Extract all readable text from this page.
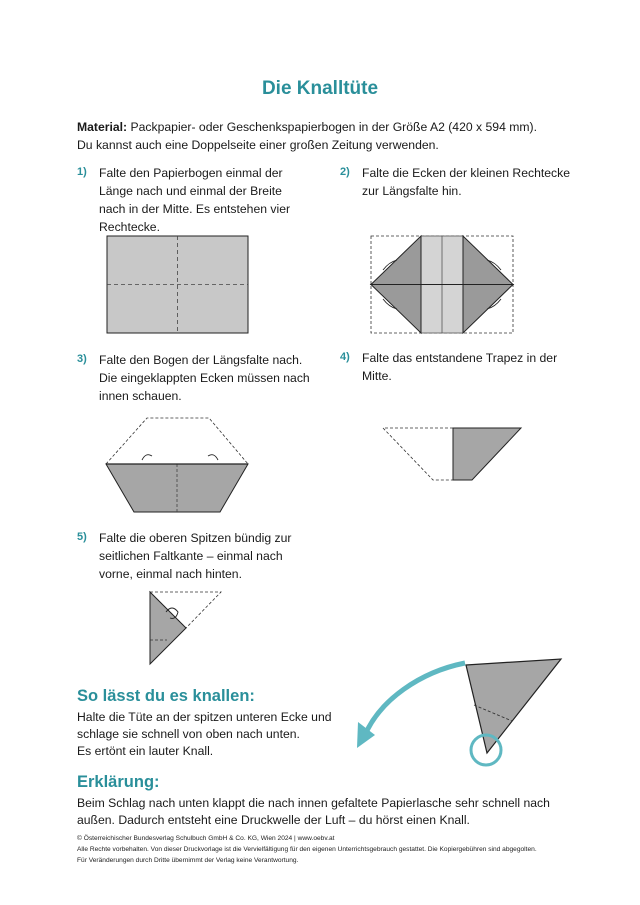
Die Knalltüte
Material: Packpapier- oder Geschenkspapierbogen in der Größe A2 (420 x 594 mm).
Du kannst auch eine Doppelseite einer großen Zeitung verwenden.
1) Falte den Papierbogen einmal der
Länge nach und einmal der Breite
nach in der Mitte. Es entstehen vier
Rechtecke.
2) Falte die Ecken der kleinen Rechtecke
zur Längsfalte hin.
3) Falte den Bogen der Längsfalte nach.
Die eingeklappten Ecken müssen nach
innen schauen.
4) Falte das entstandene Trapez in der
Mitte.
5) Falte die oberen Spitzen bündig zur
seitlichen Faltkante – einmal nach
vorne, einmal nach hinten.
So lässt du es knallen:
Halte die Tüte an der spitzen unteren Ecke und
schlage sie schnell von oben nach unten.
Es ertönt ein lauter Knall.
Erklärung:
Beim Schlag nach unten klappt die nach innen gefaltete Papierlasche sehr schnell nach
außen. Dadurch entsteht eine Druckwelle der Luft – du hörst einen Knall.
© Österreichischer Bundesverlag Schulbuch GmbH & Co. KG, Wien 2024 | www.oebv.at
Alle Rechte vorbehalten. Von dieser Druckvorlage ist die Vervielfältigung für den eigenen Unterrichtsgebrauch gestattet. Die Kopiergebühren sind abgegolten.
Für Veränderungen durch Dritte übernimmt der Verlag keine Verantwortung.
